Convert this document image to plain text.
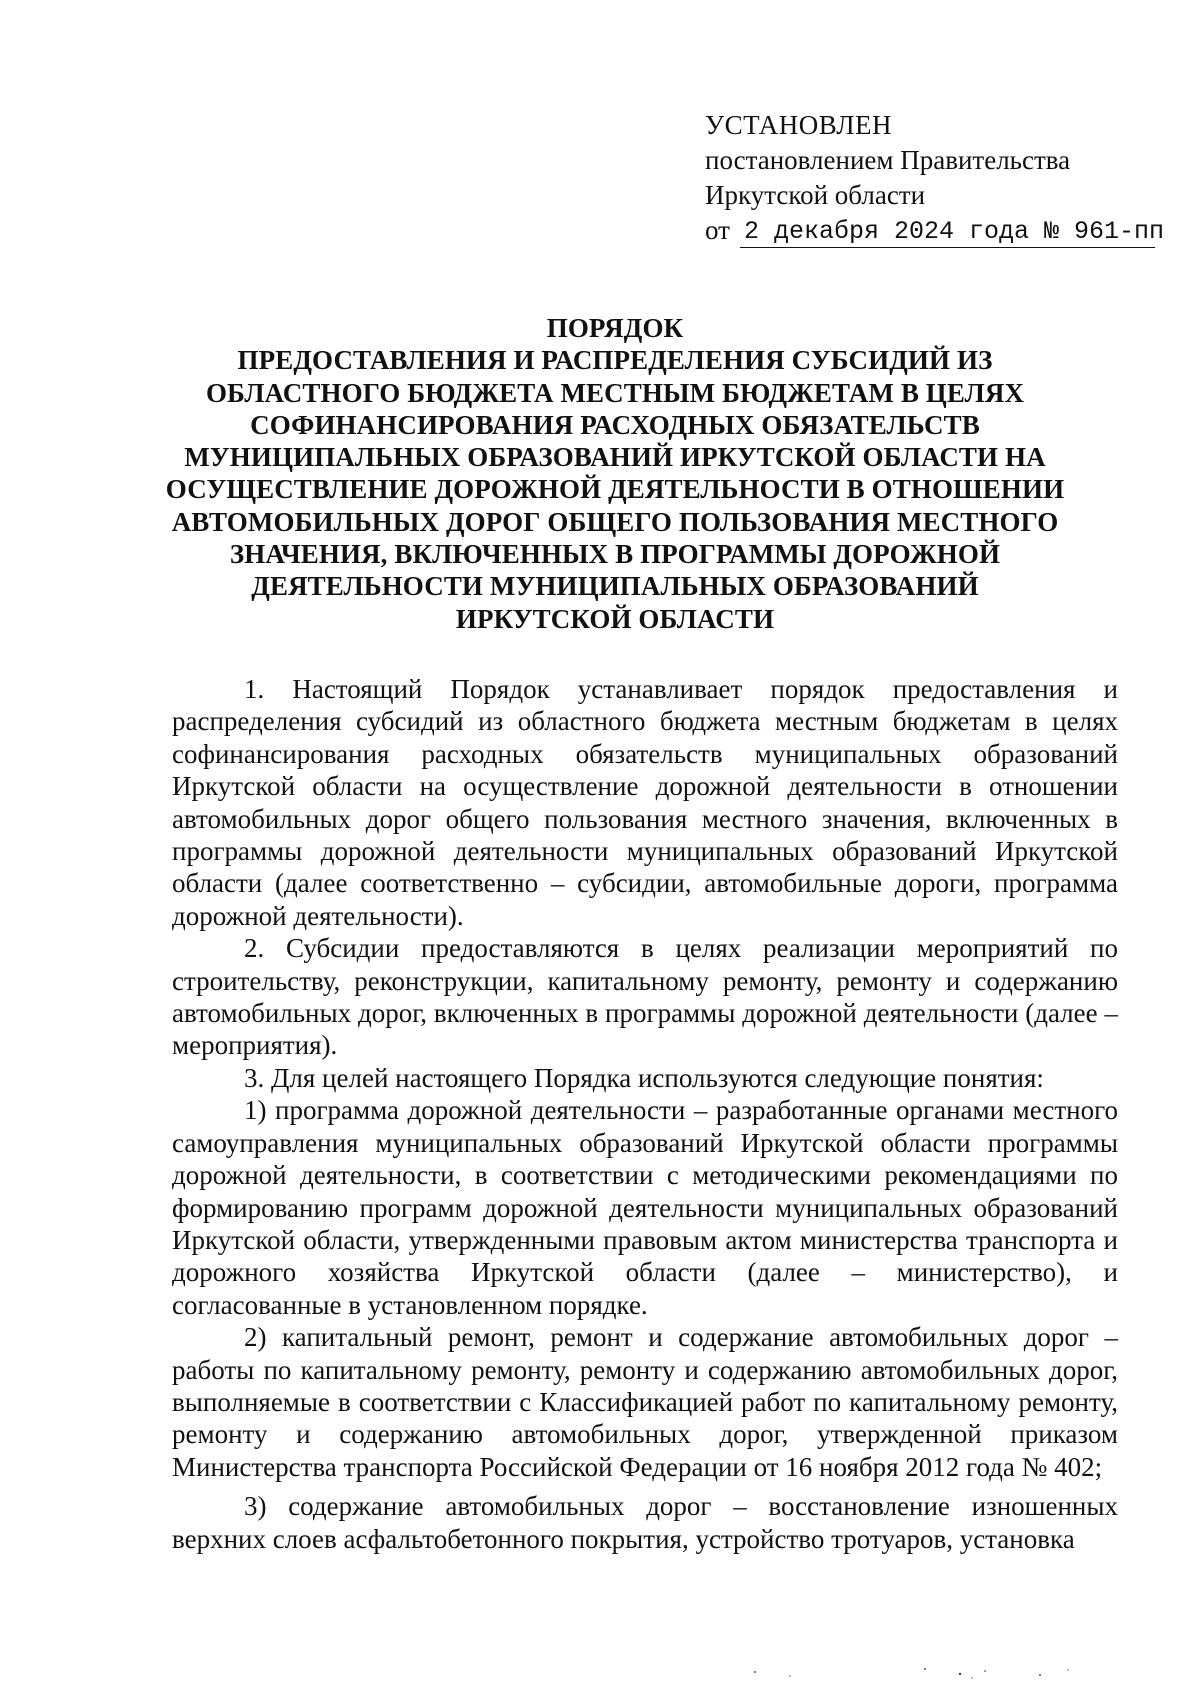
УСТАНОВЛЕН
постановлением Правительства
Иркутской области
от 2 декабря 2024 года № 961-пп
ПОРЯДОК
ПРЕДОСТАВЛЕНИЯ И РАСПРЕДЕЛЕНИЯ СУБСИДИЙ ИЗ
ОБЛАСТНОГО БЮДЖЕТА МЕСТНЫМ БЮДЖЕТАМ В ЦЕЛЯХ
СОФИНАНСИРОВАНИЯ РАСХОДНЫХ ОБЯЗАТЕЛЬСТВ
МУНИЦИПАЛЬНЫХ ОБРАЗОВАНИЙ ИРКУТСКОЙ ОБЛАСТИ НА
ОСУЩЕСТВЛЕНИЕ ДОРОЖНОЙ ДЕЯТЕЛЬНОСТИ В ОТНОШЕНИИ
АВТОМОБИЛЬНЫХ ДОРОГ ОБЩЕГО ПОЛЬЗОВАНИЯ МЕСТНОГО
ЗНАЧЕНИЯ, ВКЛЮЧЕННЫХ В ПРОГРАММЫ ДОРОЖНОЙ
ДЕЯТЕЛЬНОСТИ МУНИЦИПАЛЬНЫХ ОБРАЗОВАНИЙ
ИРКУТСКОЙ ОБЛАСТИ

1. Настоящий Порядок устанавливает порядок предоставления и распределения субсидий из областного бюджета местным бюджетам в целях софинансирования расходных обязательств муниципальных образований Иркутской области на осуществление дорожной деятельности в отношении автомобильных дорог общего пользования местного значения, включенных в программы дорожной деятельности муниципальных образований Иркутской области (далее соответственно – субсидии, автомобильные дороги, программа дорожной деятельности).

2. Субсидии предоставляются в целях реализации мероприятий по строительству, реконструкции, капитальному ремонту, ремонту и содержанию автомобильных дорог, включенных в программы дорожной деятельности (далее – мероприятия).

3. Для целей настоящего Порядка используются следующие понятия:

1) программа дорожной деятельности – разработанные органами местного самоуправления муниципальных образований Иркутской области программы дорожной деятельности, в соответствии с методическими рекомендациями по формированию программ дорожной деятельности муниципальных образований Иркутской области, утвержденными правовым актом министерства транспорта и дорожного хозяйства Иркутской области (далее – министерство), и согласованные в установленном порядке.

2) капитальный ремонт, ремонт и содержание автомобильных дорог – работы по капитальному ремонту, ремонту и содержанию автомобильных дорог, выполняемые в соответствии с Классификацией работ по капитальному ремонту, ремонту и содержанию автомобильных дорог, утвержденной приказом Министерства транспорта Российской Федерации от 16 ноября 2012 года № 402;

3) содержание автомобильных дорог – восстановление изношенных верхних слоев асфальтобетонного покрытия, устройство тротуаров, установка
